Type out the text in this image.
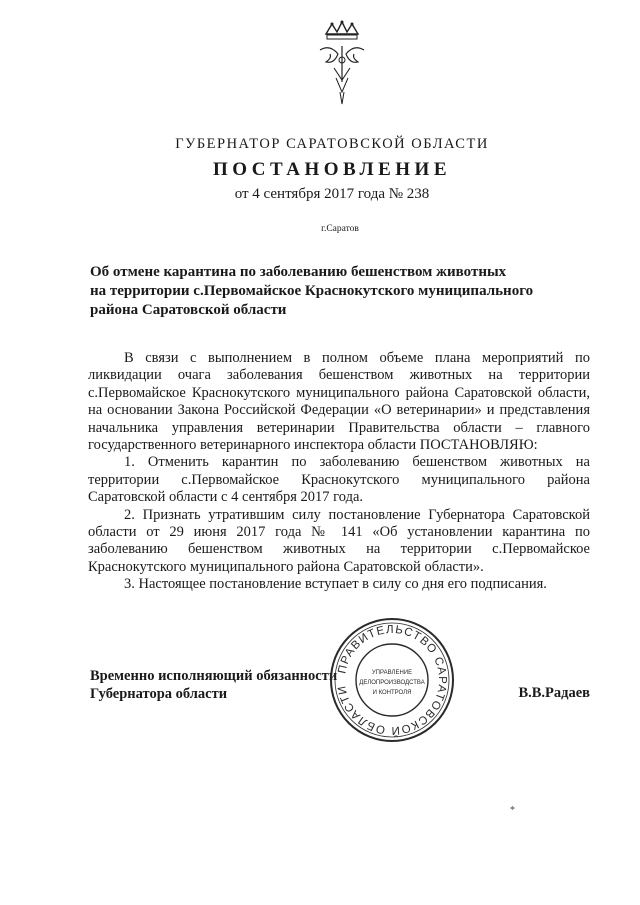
ГУБЕРНАТОР САРАТОВСКОЙ ОБЛАСТИ
ПОСТАНОВЛЕНИЕ
от 4 сентября 2017 года № 238
г.Саратов
Об отмене карантина по заболеванию бешенством животных
на территории с.Первомайское Краснокутского муниципального
района Саратовской области

В связи с выполнением в полном объеме плана мероприятий по ликвидации очага заболевания бешенством животных на территории с.Первомайское Краснокутского муниципального района Саратовской области, на основании Закона Российской Федерации «О ветеринарии» и представления начальника управления ветеринарии Правительства области – главного государственного ветеринарного инспектора области ПОСТАНОВЛЯЮ:

1. Отменить карантин по заболеванию бешенством животных на территории с.Первомайское Краснокутского муниципального района Саратовской области с 4 сентября 2017 года.

2. Признать утратившим силу постановление Губернатора Саратовской области от 29 июня 2017 года № 141 «Об установлении карантина по заболеванию бешенством животных на территории с.Первомайское Краснокутского муниципального района Саратовской области».

3. Настоящее постановление вступает в силу со дня его подписания.

Временно исполняющий обязанности
Губернатора области
ПРАВИТЕЛЬСТВО САРАТОВСКОЙ ОБЛАСТИ
УПРАВЛЕНИЕ
ДЕЛОПРОИЗВОДСТВА
И КОНТРОЛЯ	В.В.Радаев
*
